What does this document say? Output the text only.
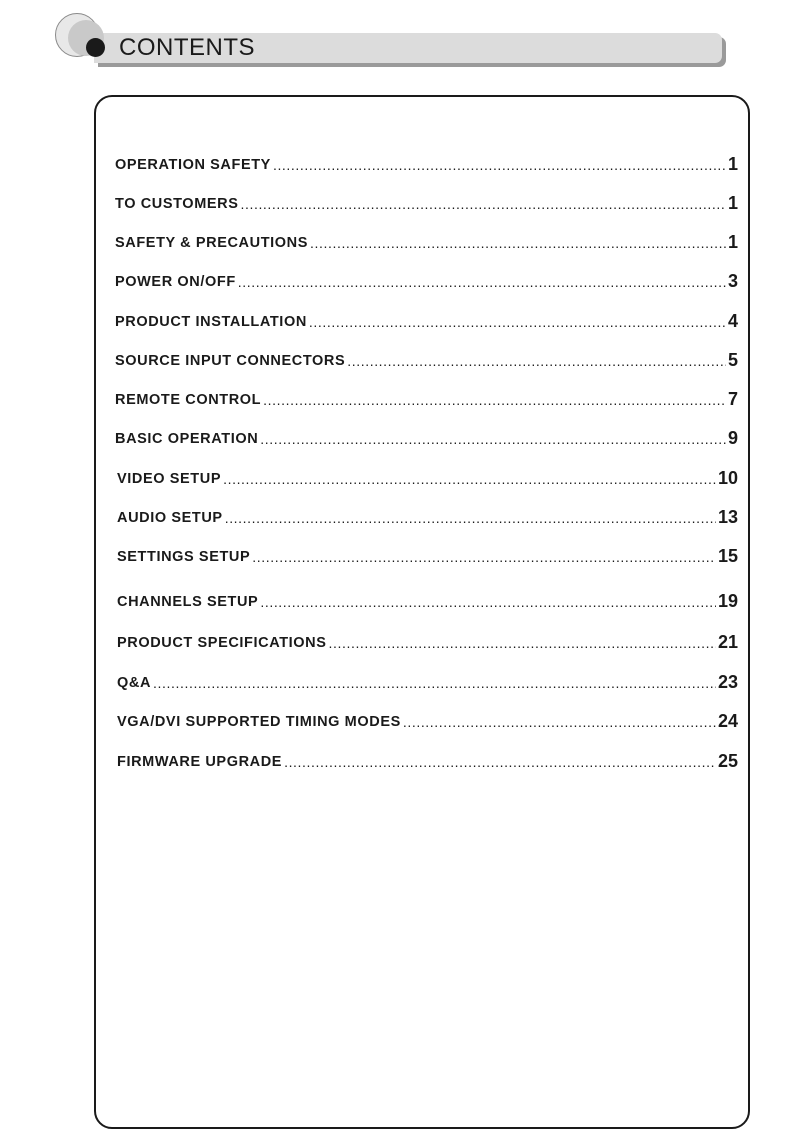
CONTENTS
OPERATION SAFETY .....	1
TO CUSTOMERS .....	1
SAFETY & PRECAUTIONS .....	1
POWER ON/OFF .....	3
PRODUCT INSTALLATION .....	4
SOURCE INPUT CONNECTORS .....	5
REMOTE CONTROL .....	7
BASIC OPERATION .....	9
VIDEO SETUP .....	10
AUDIO SETUP .....	13
SETTINGS SETUP .....	15
CHANNELS SETUP .....	19
PRODUCT SPECIFICATIONS .....	21
Q&A .....	23
VGA/DVI SUPPORTED TIMING MODES .....	24
FIRMWARE UPGRADE .....	25
